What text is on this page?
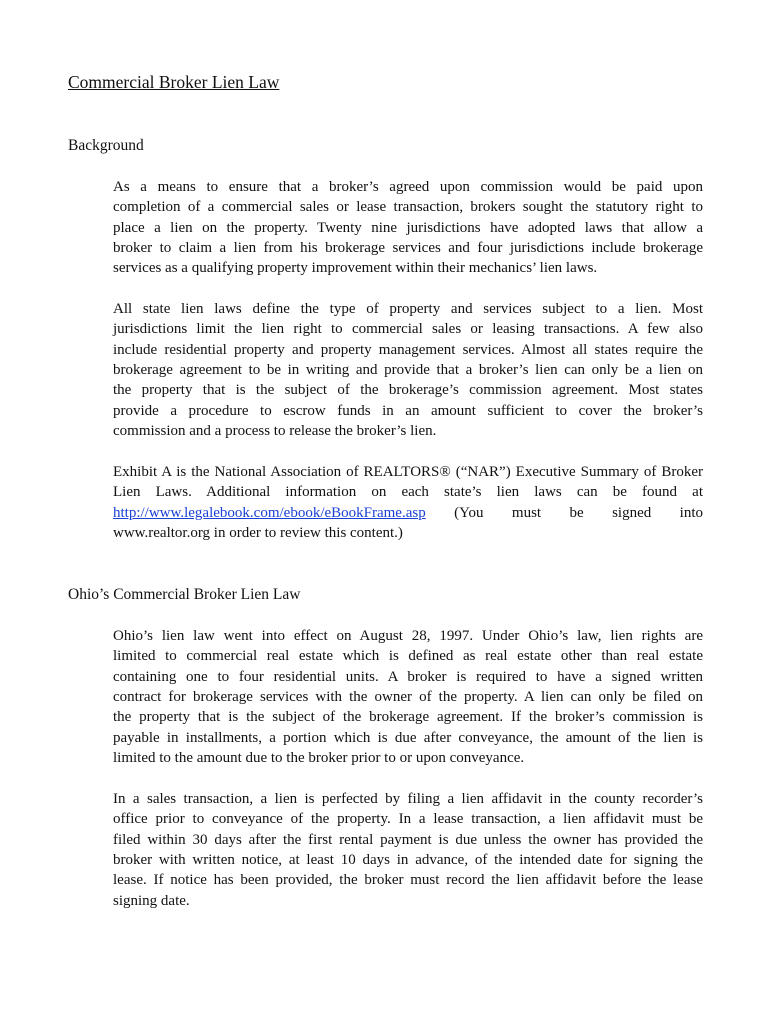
Commercial Broker Lien Law
Background
As a means to ensure that a broker’s agreed upon commission would be paid upon
completion of a commercial sales or lease transaction, brokers sought the statutory right to
place a lien on the property. Twenty nine jurisdictions have adopted laws that allow a
broker to claim a lien from his brokerage services and four jurisdictions include brokerage
services as a qualifying property improvement within their mechanics’ lien laws.
All state lien laws define the type of property and services subject to a lien. Most
jurisdictions limit the lien right to commercial sales or leasing transactions. A few also
include residential property and property management services. Almost all states require the
brokerage agreement to be in writing and provide that a broker’s lien can only be a lien on
the property that is the subject of the brokerage’s commission agreement. Most states
provide a procedure to escrow funds in an amount sufficient to cover the broker’s
commission and a process to release the broker’s lien.
Exhibit A is the National Association of REALTORS® (“NAR”) Executive Summary of Broker
Lien Laws. Additional information on each state’s lien laws can be found at
http://www.legalebook.com/ebook/eBookFrame.asp (You must be signed into
www.realtor.org in order to review this content.)
Ohio’s Commercial Broker Lien Law
Ohio’s lien law went into effect on August 28, 1997. Under Ohio’s law, lien rights are
limited to commercial real estate which is defined as real estate other than real estate
containing one to four residential units. A broker is required to have a signed written
contract for brokerage services with the owner of the property. A lien can only be filed on
the property that is the subject of the brokerage agreement. If the broker’s commission is
payable in installments, a portion which is due after conveyance, the amount of the lien is
limited to the amount due to the broker prior to or upon conveyance.
In a sales transaction, a lien is perfected by filing a lien affidavit in the county recorder’s
office prior to conveyance of the property. In a lease transaction, a lien affidavit must be
filed within 30 days after the first rental payment is due unless the owner has provided the
broker with written notice, at least 10 days in advance, of the intended date for signing the
lease. If notice has been provided, the broker must record the lien affidavit before the lease
signing date.
